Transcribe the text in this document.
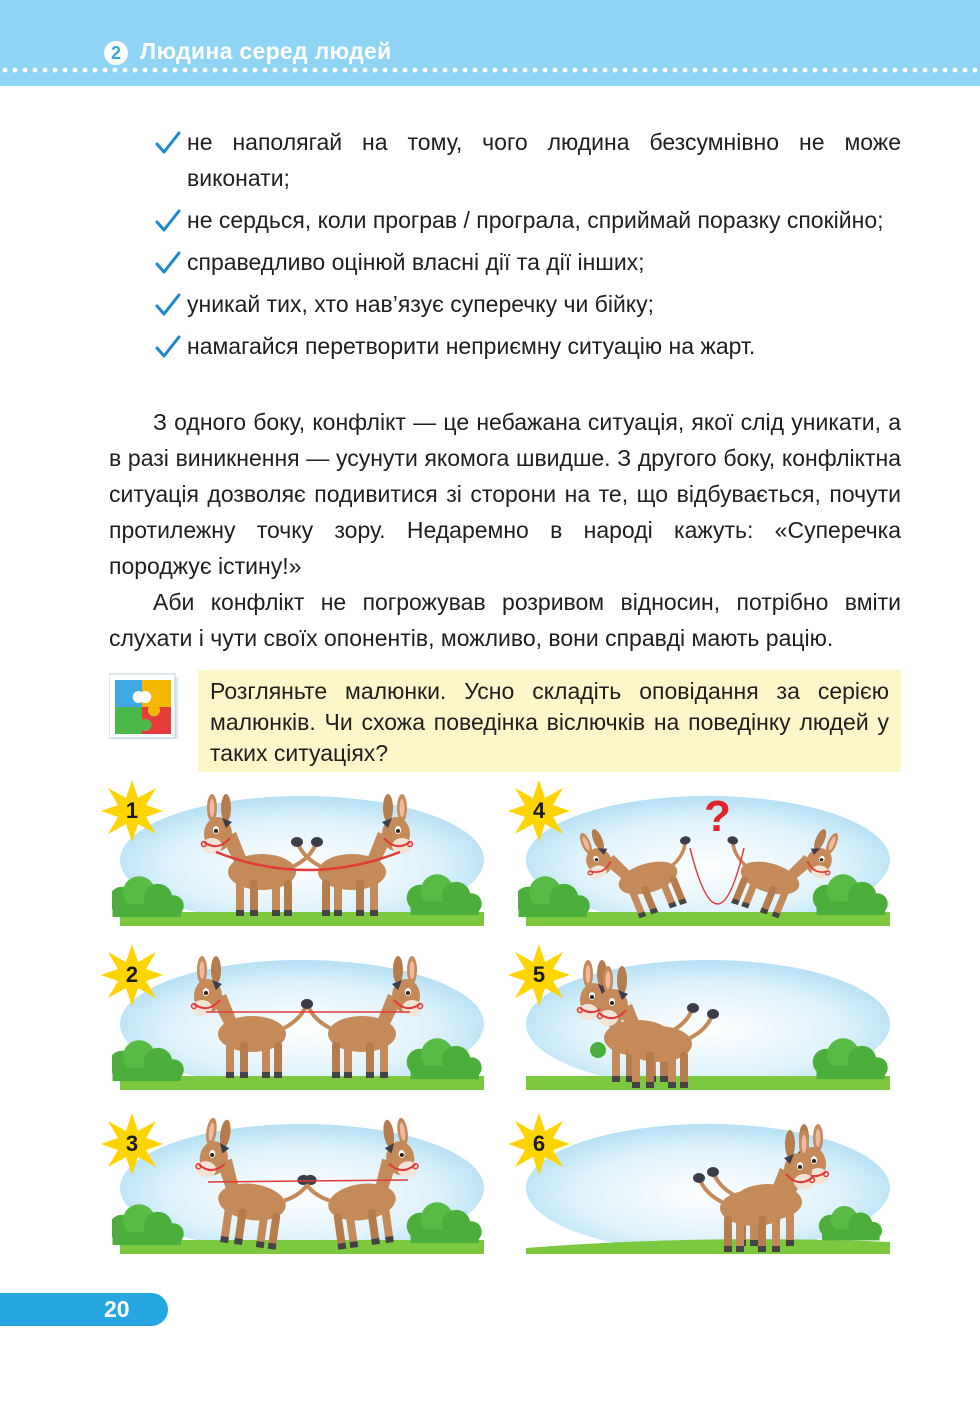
2 Людина серед людей
не наполягай на тому, чого людина безсумнівно не може виконати;
не сердься, коли програв / програла, сприймай поразку спокійно;
справедливо оцінюй власні дії та дії інших;
уникай тих, хто нав’язує суперечку чи бійку;
намагайся перетворити неприємну ситуацію на жарт.

З одного боку, конфлікт — це небажана ситуація, якої слід уникати, а в разі виникнення — усунути якомога швидше. З другого боку, конфліктна ситуація дозволяє подивитися зі сторони на те, що відбувається, почути протилежну точку зору. Недаремно в народі кажуть: «Суперечка породжує істину!»

Аби конфлікт не погрожував розривом відносин, потрібно вміти слухати і чути своїх опонентів, можливо, вони справді мають рацію.

Розгляньте малюнки. Усно складіть оповідання за серією малюнків. Чи схожа поведінка віслючків на поведінку людей у таких ситуаціях?
?
1
2
3
4
5
6
20
